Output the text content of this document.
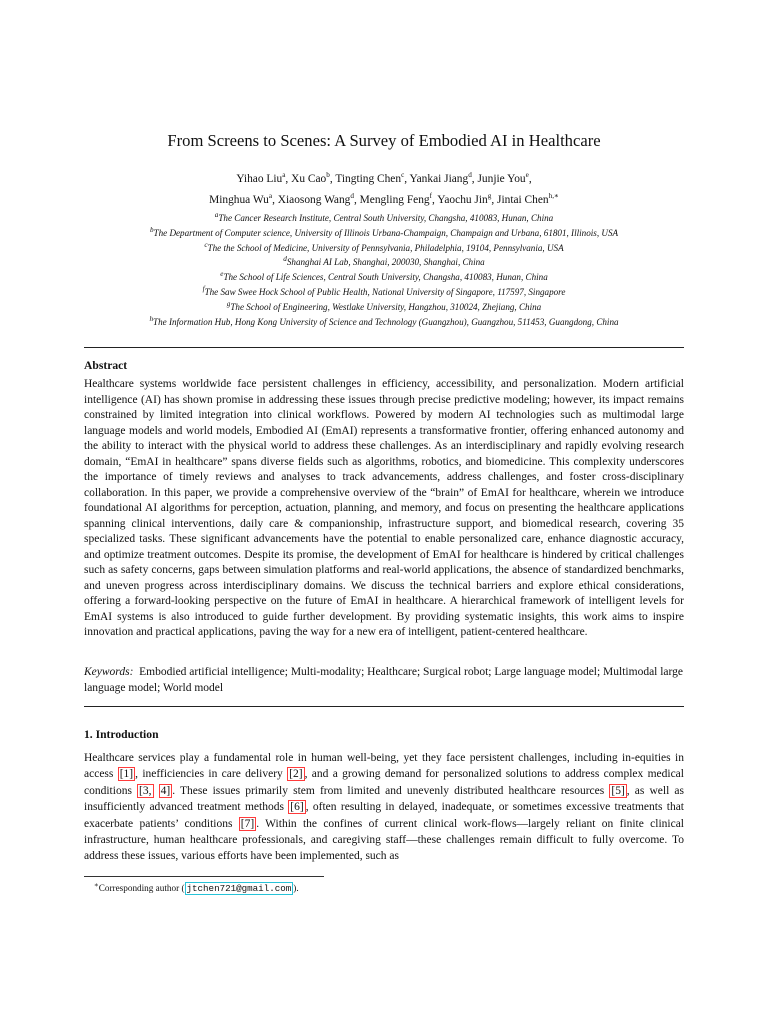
From Screens to Scenes: A Survey of Embodied AI in Healthcare
Yihao Liu$^a$, Xu Cao$^b$, Tingting Chen$^c$, Yankai Jiang$^d$, Junjie You$^e$,
Minghua Wu$^a$, Xiaosong Wang$^d$, Mengling Feng$^f$, Yaochu Jin$^g$, Jintai Chen$^{h,∗}$
$^a$The Cancer Research Institute, Central South University, Changsha, 410083, Hunan, China
$^b$The Department of Computer science, University of Illinois Urbana-Champaign, Champaign and Urbana, 61801, Illinois, USA
$^c$The the School of Medicine, University of Pennsylvania, Philadelphia, 19104, Pennsylvania, USA
$^d$Shanghai AI Lab, Shanghai, 200030, Shanghai, China
$^e$The School of Life Sciences, Central South University, Changsha, 410083, Hunan, China
$^f$The Saw Swee Hock School of Public Health, National University of Singapore, 117597, Singapore
$^g$The School of Engineering, Westlake University, Hangzhou, 310024, Zhejiang, China
$^h$The Information Hub, Hong Kong University of Science and Technology (Guangzhou), Guangzhou, 511453, Guangdong, China
Abstract
Healthcare systems worldwide face persistent challenges in efficiency, accessibility, and personalization. Modern artificial intelligence (AI) has shown promise in addressing these issues through precise predictive modeling; however, its impact remains constrained by limited integration into clinical workflows. Powered by modern AI technologies such as multimodal large language models and world models, Embodied AI (EmAI) represents a transformative frontier, offering enhanced autonomy and the ability to interact with the physical world to address these challenges. As an interdisciplinary and rapidly evolving research domain, “EmAI in healthcare” spans diverse fields such as algorithms, robotics, and biomedicine. This complexity underscores the importance of timely reviews and analyses to track advancements, address challenges, and foster cross-disciplinary collaboration. In this paper, we provide a comprehensive overview of the “brain” of EmAI for healthcare, wherein we introduce foundational AI algorithms for perception, actuation, planning, and memory, and focus on presenting the healthcare applications spanning clinical interventions, daily care & companionship, infrastructure support, and biomedical research, covering 35 specialized tasks. These significant advancements have the potential to enable personalized care, enhance diagnostic accuracy, and optimize treatment outcomes. Despite its promise, the development of EmAI for healthcare is hindered by critical challenges such as safety concerns, gaps between simulation platforms and real-world applications, the absence of standardized benchmarks, and uneven progress across interdisciplinary domains. We discuss the technical barriers and explore ethical considerations, offering a forward-looking perspective on the future of EmAI in healthcare. A hierarchical framework of intelligent levels for EmAI systems is also introduced to guide further development. By providing systematic insights, this work aims to inspire innovation and practical applications, paving the way for a new era of intelligent, patient-centered healthcare.
Keywords: Embodied artificial intelligence; Multi-modality; Healthcare; Surgical robot; Large language model; Multimodal large language model; World model
1. Introduction
Healthcare services play a fundamental role in human well-being, yet they face persistent challenges, including in-equities in access [1] , inefficiencies in care delivery [2] , and a growing demand for personalized solutions to address complex medical conditions [3, 4] . These issues primarily stem from limited and unevenly distributed healthcare resources [5] , as well as insufficiently advanced treatment methods [6] , often resulting in delayed, inadequate, or sometimes excessive treatments that exacerbate patients’ conditions [7] . Within the confines of current clinical work-flows—largely reliant on finite clinical infrastructure, human healthcare professionals, and caregiving staff—these challenges remain difficult to fully overcome. To address these issues, various efforts have been implemented, such as
∗Corresponding author ( jtchen721@gmail.com ).
